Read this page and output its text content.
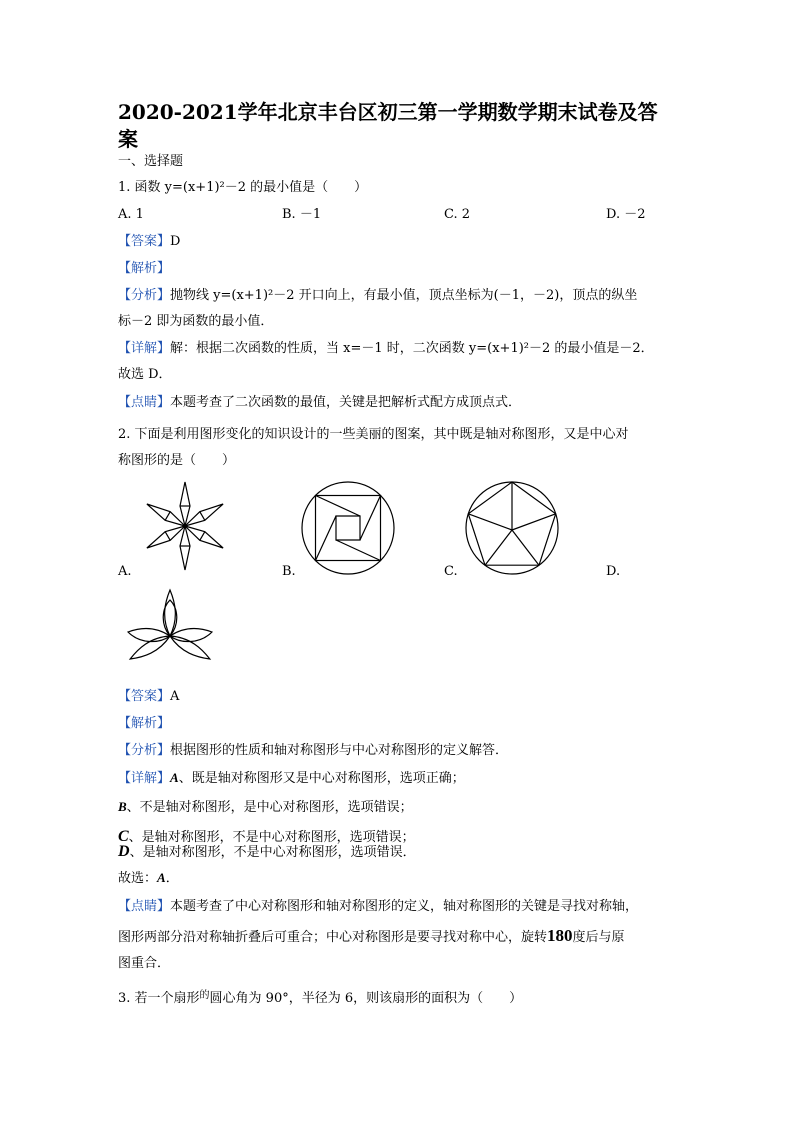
2020-2021学年北京丰台区初三第一学期数学期末试卷及答
案
一、选择题
1. 函数 y=(x+1)²－2 的最小值是（　　）
A. 1	B. －1	C. 2	D. －2
【答案】D
【解析】
【分析】抛物线 y=(x+1)²－2 开口向上，有最小值，顶点坐标为(－1，－2)，顶点的纵坐
标－2 即为函数的最小值．
【详解】解：根据二次函数的性质，当 x=－1 时，二次函数 y=(x+1)²－2 的最小值是－2．
故选 D．
【点睛】本题考查了二次函数的最值，关键是把解析式配方成顶点式．
2. 下面是利用图形变化的知识设计的一些美丽的图案，其中既是轴对称图形，又是中心对
称图形的是（　　）
A.	B.	C.	D.
【答案】A
【解析】
【分析】根据图形的性质和轴对称图形与中心对称图形的定义解答．
【详解】A、既是轴对称图形又是中心对称图形，选项正确；
B、不是轴对称图形，是中心对称图形，选项错误；
C、是轴对称图形，不是中心对称图形，选项错误；
D、是轴对称图形，不是中心对称图形，选项错误．
故选：A．
【点睛】本题考查了中心对称图形和轴对称图形的定义，轴对称图形的关键是寻找对称轴，
图形两部分沿对称轴折叠后可重合；中心对称图形是要寻找对称中心，旋转180度后与原
图重合．
3. 若一个扇形$^的$圆心角为 90°，半径为 6，则该扇形的面积为（　　）
